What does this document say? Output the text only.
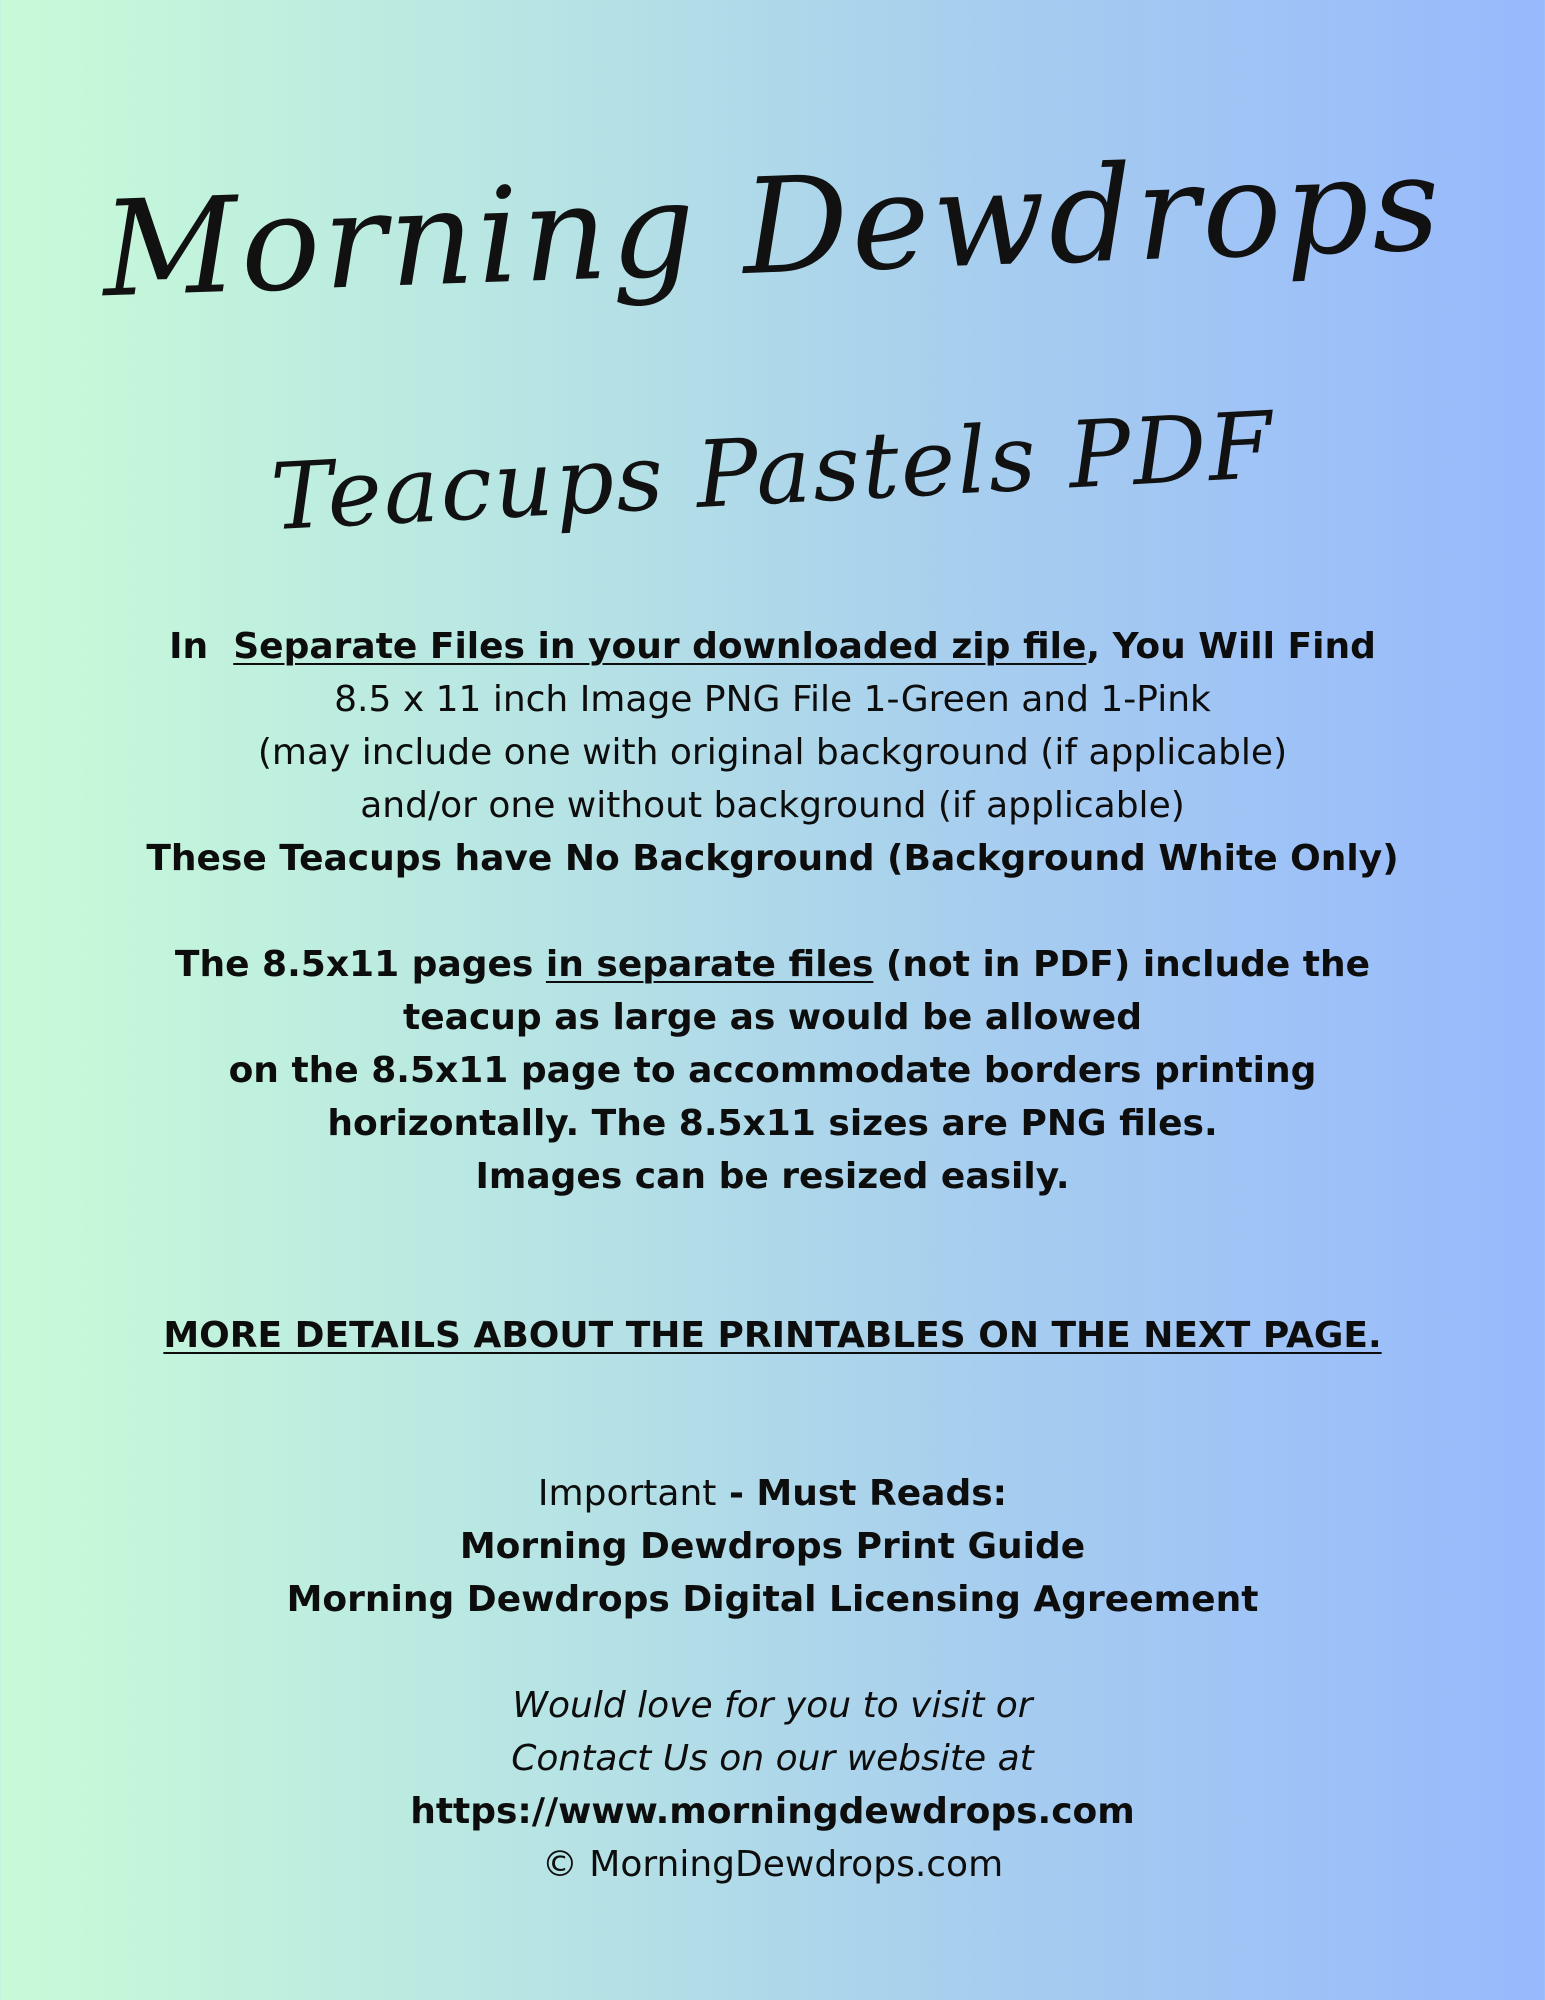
Morning Dewdrops
Teacups Pastels PDF
In  Separate Files in your downloaded zip file, You Will Find
8.5 x 11 inch Image PNG File 1-Green and 1-Pink
(may include one with original background (if applicable)
and/or one without background (if applicable)
These Teacups have No Background (Background White Only)
The 8.5x11 pages in separate files (not in PDF) include the
teacup as large as would be allowed
on the 8.5x11 page to accommodate borders printing
horizontally. The 8.5x11 sizes are PNG files.
Images can be resized easily.
MORE DETAILS ABOUT THE PRINTABLES ON THE NEXT PAGE.
Important - Must Reads:
Morning Dewdrops Print Guide
Morning Dewdrops Digital Licensing Agreement
Would love for you to visit or
Contact Us on our website at
https://www.morningdewdrops.com
© MorningDewdrops.com
